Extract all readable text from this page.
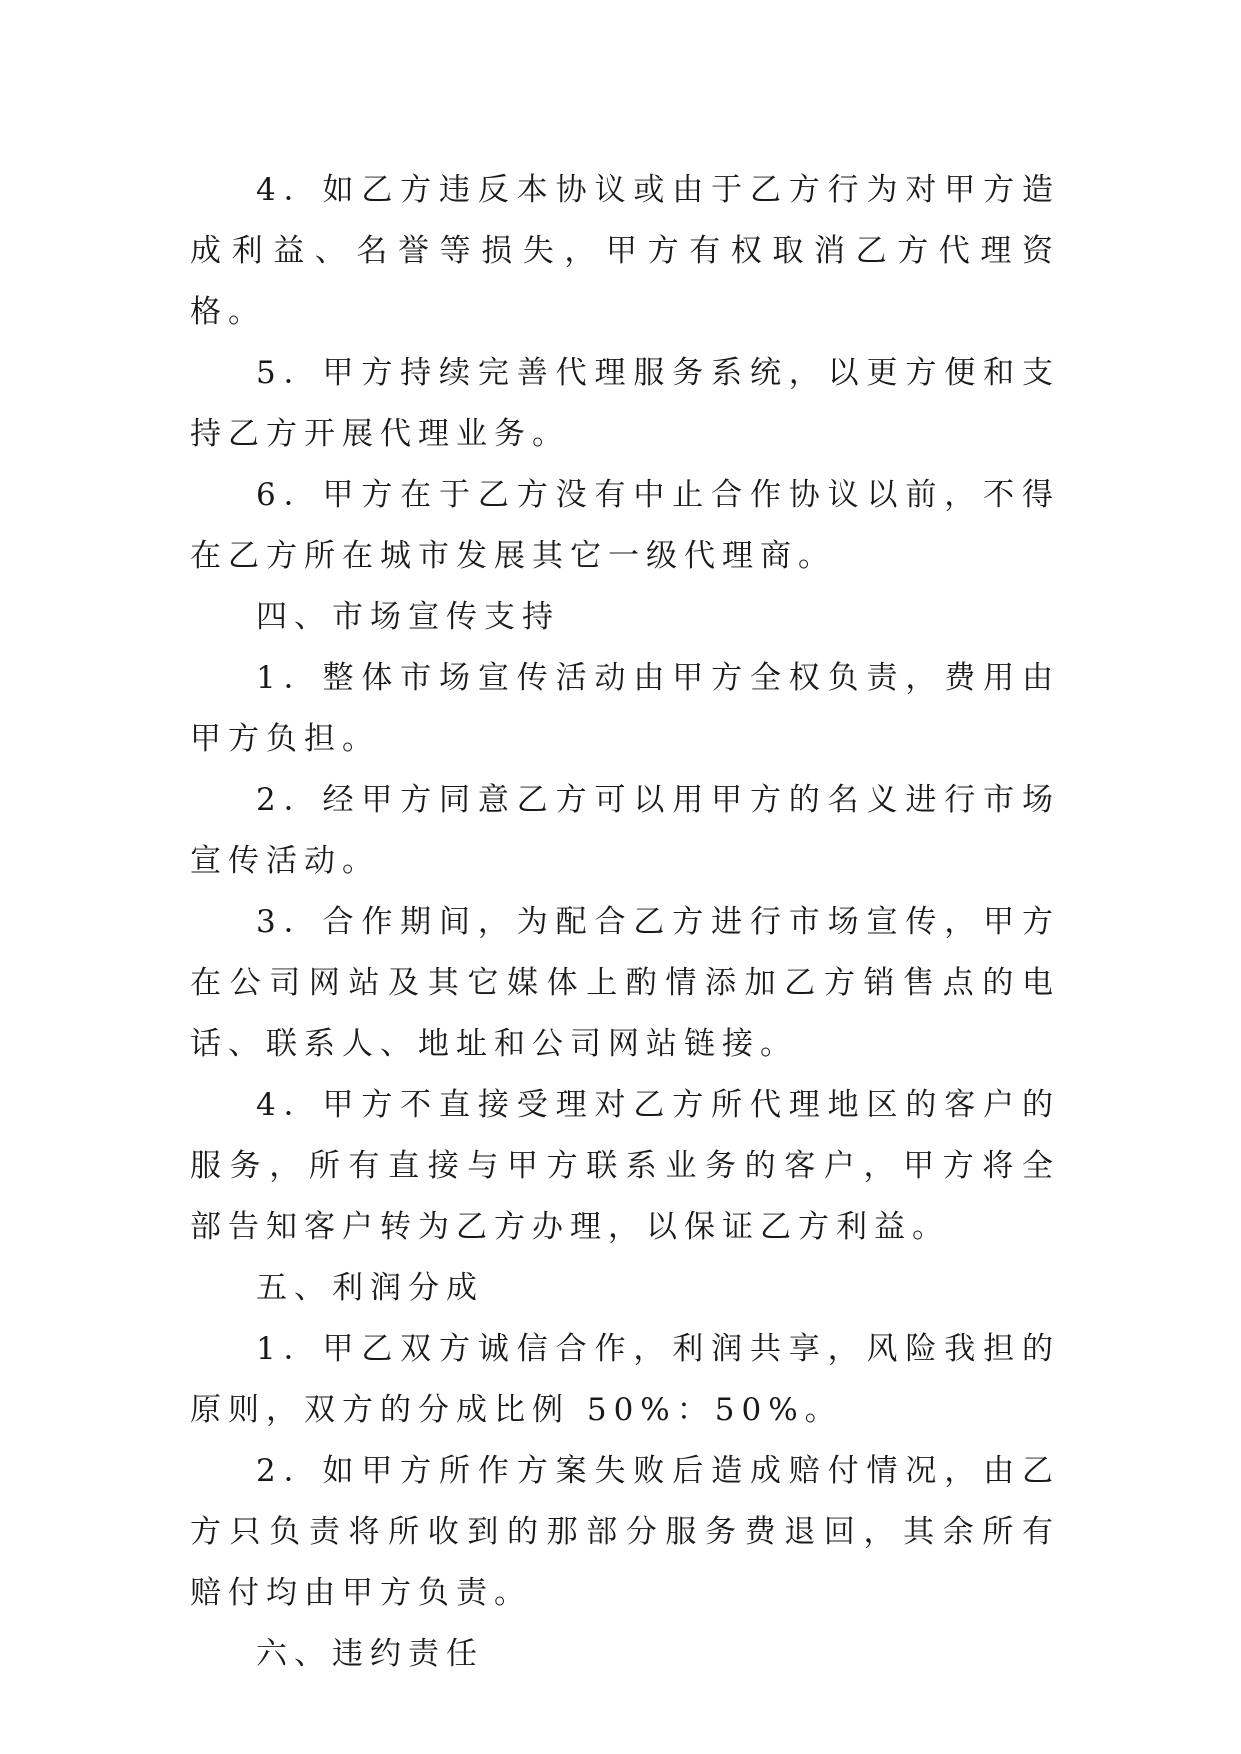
4．如乙方违反本协议或由于乙方行为对甲方造成利益、名誉等损失，甲方有权取消乙方代理资格。

5．甲方持续完善代理服务系统，以更方便和支持乙方开展代理业务。

6．甲方在于乙方没有中止合作协议以前，不得在乙方所在城市发展其它一级代理商。

四、市场宣传支持

1．整体市场宣传活动由甲方全权负责，费用由甲方负担。

2．经甲方同意乙方可以用甲方的名义进行市场宣传活动。

3．合作期间，为配合乙方进行市场宣传，甲方在公司网站及其它媒体上酌情添加乙方销售点的电话、联系人、地址和公司网站链接。

4．甲方不直接受理对乙方所代理地区的客户的服务，所有直接与甲方联系业务的客户，甲方将全部告知客户转为乙方办理，以保证乙方利益。

五、利润分成

1．甲乙双方诚信合作，利润共享，风险我担的原则，双方的分成比例 50%：50%。

2．如甲方所作方案失败后造成赔付情况，由乙方只负责将所收到的那部分服务费退回，其余所有赔付均由甲方负责。

六、违约责任
